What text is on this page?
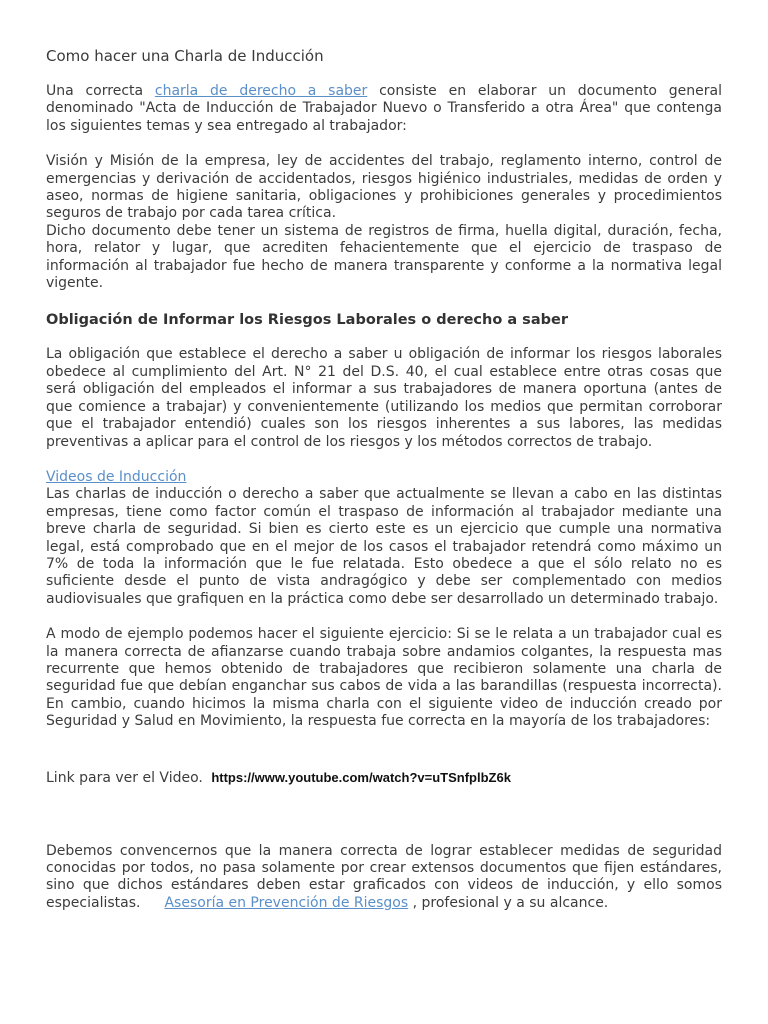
Como hacer una Charla de Inducción

Una correcta charla de derecho a saber consiste en elaborar un documento general denominado "Acta de Inducción de Trabajador Nuevo o Transferido a otra Área" que contenga los siguientes temas y sea entregado al trabajador:

Visión y Misión de la empresa, ley de accidentes del trabajo, reglamento interno, control de emergencias y derivación de accidentados, riesgos higiénico industriales, medidas de orden y aseo, normas de higiene sanitaria, obligaciones y prohibiciones generales y procedimientos seguros de trabajo por cada tarea crítica.

Dicho documento debe tener un sistema de registros de firma, huella digital, duración, fecha, hora, relator y lugar, que acrediten fehacientemente que el ejercicio de traspaso de información al trabajador fue hecho de manera transparente y conforme a la normativa legal vigente.

Obligación de Informar los Riesgos Laborales o derecho a saber

La obligación que establece el derecho a saber u obligación de informar los riesgos laborales obedece al cumplimiento del Art. N° 21 del D.S. 40, el cual establece entre otras cosas que será obligación del empleados el informar a sus trabajadores de manera oportuna (antes de que comience a trabajar) y convenientemente (utilizando los medios que permitan corroborar que el trabajador entendió) cuales son los riesgos inherentes a sus labores, las medidas preventivas a aplicar para el control de los riesgos y los métodos correctos de trabajo.

Videos de Inducción

Las charlas de inducción o derecho a saber que actualmente se llevan a cabo en las distintas empresas, tiene como factor común el traspaso de información al trabajador mediante una breve charla de seguridad. Si bien es cierto este es un ejercicio que cumple una normativa legal, está comprobado que en el mejor de los casos el trabajador retendrá como máximo un 7% de toda la información que le fue relatada. Esto obedece a que el sólo relato no es suficiente desde el punto de vista andragógico y debe ser complementado con medios audiovisuales que grafiquen en la práctica como debe ser desarrollado un determinado trabajo.

A modo de ejemplo podemos hacer el siguiente ejercicio: Si se le relata a un trabajador cual es la manera correcta de afianzarse cuando trabaja sobre andamios colgantes, la respuesta mas recurrente que hemos obtenido de trabajadores que recibieron solamente una charla de seguridad fue que debían enganchar sus cabos de vida a las barandillas (respuesta incorrecta). En cambio, cuando hicimos la misma charla con el siguiente video de inducción creado por Seguridad y Salud en Movimiento, la respuesta fue correcta en la mayoría de los trabajadores:

Link para ver el Video. https://www.youtube.com/watch?v=uTSnfplbZ6k

Debemos convencernos que la manera correcta de lograr establecer medidas de seguridad conocidas por todos, no pasa solamente por crear extensos documentos que fijen estándares, sino que dichos estándares deben estar graficados con videos de inducción, y ello somos especialistas. Asesoría en Prevención de Riesgos , profesional y a su alcance.
